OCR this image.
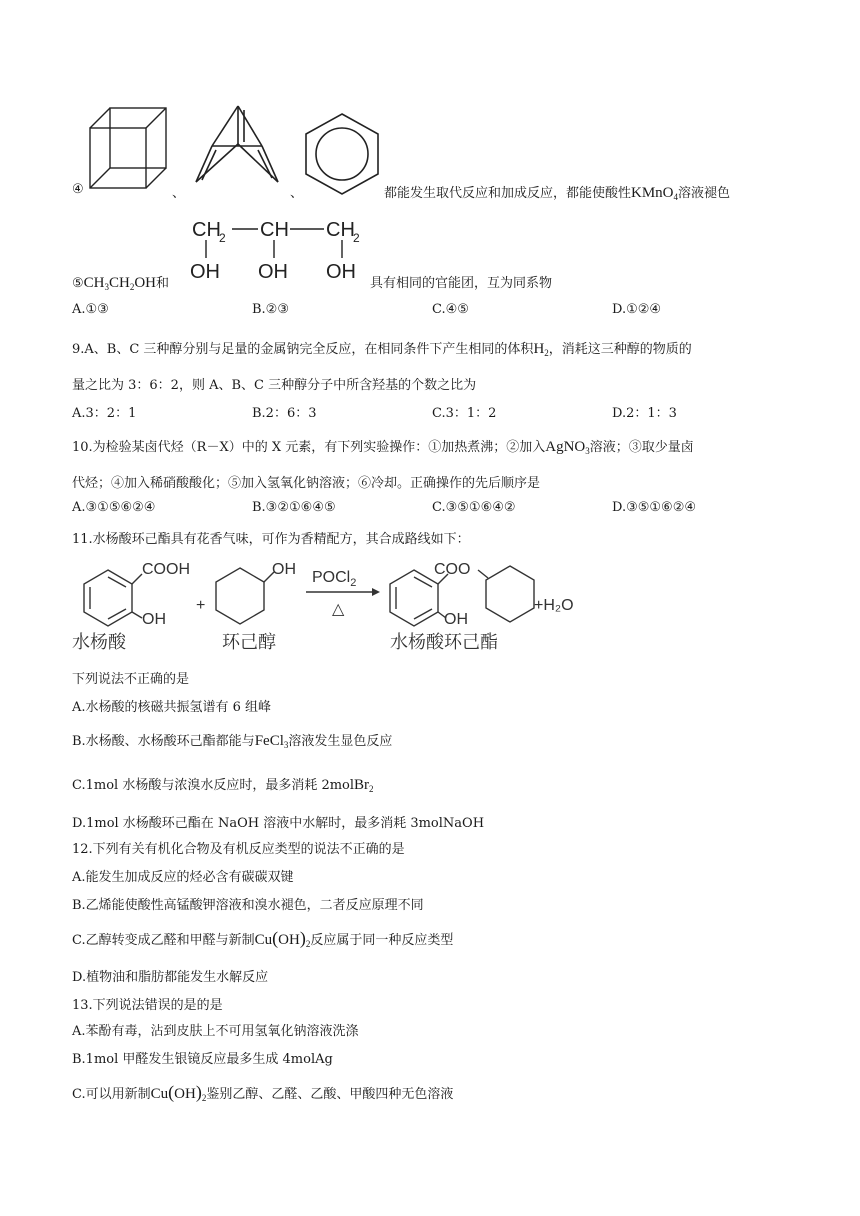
④	、	、	都能发生取代反应和加成反应，都能使酸性KMnO$_4$溶液褪色
$⑤CH_3CH_2OH$和
CH
2 CH CH
2
OH OH OH
具有相同的官能团，互为同系物
A.①③	B.②③	C.④⑤	D.①②④
9.A、B、C 三种醇分别与足量的金属钠完全反应，在相同条件下产生相同的体积$H_2$，消耗这三种醇的物质的
量之比为 3：6：2，则 A、B、C 三种醇分子中所含羟基的个数之比为
A.3：2：1	B.2：6：3	C.3：1：2	D.2：1：3
10.为检验某卤代烃（R－X）中的 X 元素，有下列实验操作：①加热煮沸；②加入AgNO$_3$溶液；③取少量卤
代烃；④加入稀硝酸酸化；⑤加入氢氧化钠溶液；⑥冷却。正确操作的先后顺序是
A.③①⑤⑥②④	B.③②①⑥④⑤	C.③⑤①⑥④②	D.③⑤①⑥②④
11.水杨酸环己酯具有花香气味，可作为香精配方，其合成路线如下：
COOH
OH
水杨酸
+
OH
环己醇
POCl$_2$
△
COO
OH
+H₂O
水杨酸环己酯
下列说法不正确的是
A.水杨酸的核磁共振氢谱有 6 组峰
B.水杨酸、水杨酸环己酯都能与FeCl$_3$溶液发生显色反应
C.1mol 水杨酸与浓溴水反应时，最多消耗 2molBr$_2$
D.1mol 水杨酸环己酯在 NaOH 溶液中水解时，最多消耗 3molNaOH
12.下列有关有机化合物及有机反应类型的说法不正确的是
A.能发生加成反应的烃必含有碳碳双键
B.乙烯能使酸性高锰酸钾溶液和溴水褪色，二者反应原理不同
C.乙醇转变成乙醛和甲醛与新制$Cu(OH)_2$反应属于同一种反应类型
D.植物油和脂肪都能发生水解反应
13.下列说法错误的是的是
A.苯酚有毒，沾到皮肤上不可用氢氧化钠溶液洗涤
B.1mol 甲醛发生银镜反应最多生成 4molAg
C.可以用新制$Cu(OH)_2$鉴别乙醇、乙醛、乙酸、甲酸四种无色溶液
